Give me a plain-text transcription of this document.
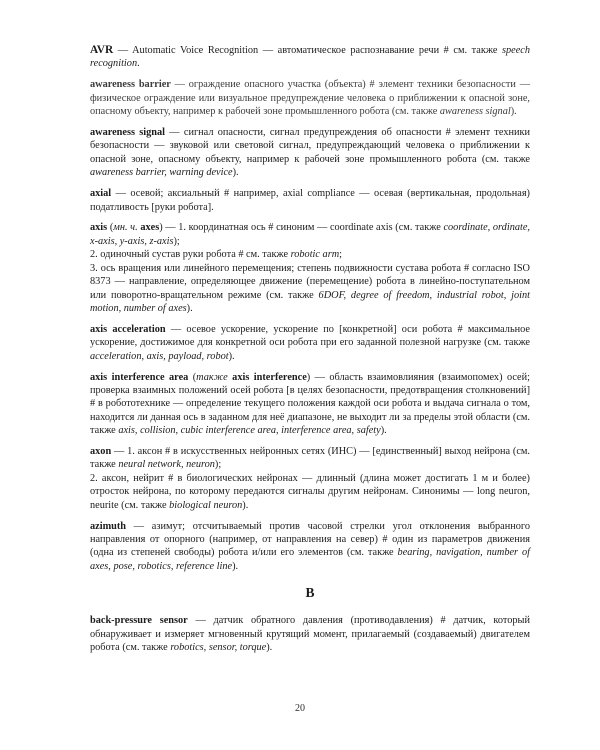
AVR — Automatic Voice Recognition — автоматическое распознавание речи # см. также speech recognition.

awareness barrier — ограждение опасного участка (объекта) # элемент техники безопасности — физическое ограждение или визуальное предупреждение человека о приближении к опасной зоне, опасному объекту, например к рабочей зоне промышленного робота (см. также awareness signal).

awareness signal — сигнал опасности, сигнал предупреждения об опасности # элемент техники безопасности — звуковой или световой сигнал, предупреждающий человека о приближении к опасной зоне, опасному объекту, например к рабочей зоне промышленного робота (см. также awareness barrier, warning device).

axial — осевой; аксиальный # например, axial compliance — осевая (вертикальная, продольная) податливость [руки робота].

axis (мн. ч. axes) — 1. координатная ось # синоним — coordinate axis (см. также coordinate, ordinate, x-axis, y-axis, z-axis);

2. одиночный сустав руки робота # см. также robotic arm;

3. ось вращения или линейного перемещения; степень подвижности сустава робота # согласно ISO 8373 — направление, определяющее движение (перемещение) робота в линейно-поступательном или поворотно-вращательном режиме (см. также 6DOF, degree of freedom, industrial robot, joint motion, number of axes).

axis acceleration — осевое ускорение, ускорение по [конкретной] оси робота # максимальное ускорение, достижимое для конкретной оси робота при его заданной полезной нагрузке (см. также acceleration, axis, payload, robot).

axis interference area (также axis interference) — область взаимовлияния (взаимопомех) осей; проверка взаимных положений осей робота [в целях безопасности, предотвращения столкновений] # в робототехнике — определение текущего положения каждой оси робота и выдача сигнала о том, находится ли данная ось в заданном для неё диапазоне, не выходит ли за пределы этой области (см. также axis, collision, cubic interference area, interference area, safety).

axon — 1. аксон # в искусственных нейронных сетях (ИНС) — [единственный] выход нейрона (см. также neural network, neuron);

2. аксон, нейрит # в биологических нейронах — длинный (длина может достигать 1 м и более) отросток нейрона, по которому передаются сигналы другим нейронам. Синонимы — long neuron, neurite (см. также biological neuron).

azimuth — азимут; отсчитываемый против часовой стрелки угол отклонения выбранного направления от опорного (например, от направления на север) # один из параметров движения (одна из степеней свободы) робота и/или его элементов (см. также bearing, navigation, number of axes, pose, robotics, reference line).

B

back-pressure sensor — датчик обратного давления (противодавления) # датчик, который обнаруживает и измеряет мгновенный крутящий момент, прилагаемый (создаваемый) двигателем робота (см. также robotics, sensor, torque).

20
